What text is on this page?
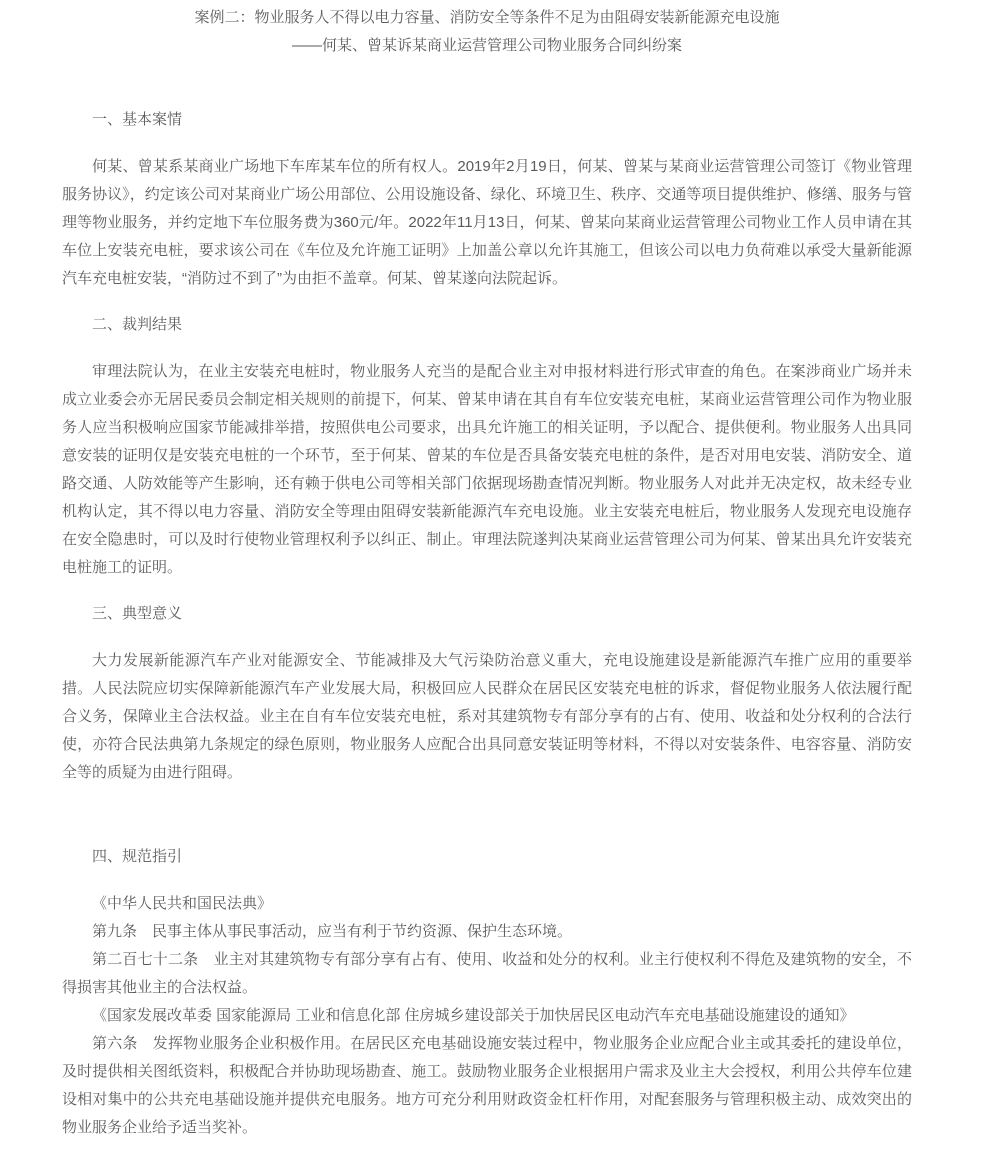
案例二：物业服务人不得以电力容量、消防安全等条件不足为由阻碍安装新能源充电设施
——何某、曾某诉某商业运营管理公司物业服务合同纠纷案
一、基本案情

何某、曾某系某商业广场地下车库某车位的所有权人。2019年2月19日，何某、曾某与某商业运营管理公司签订《物业管理服务协议》，约定该公司对某商业广场公用部位、公用设施设备、绿化、环境卫生、秩序、交通等项目提供维护、修缮、服务与管理等物业服务，并约定地下车位服务费为360元/年。2022年11月13日，何某、曾某向某商业运营管理公司物业工作人员申请在其车位上安装充电桩，要求该公司在《车位及允许施工证明》上加盖公章以允许其施工，但该公司以电力负荷难以承受大量新能源汽车充电桩安装，“消防过不到了”为由拒不盖章。何某、曾某遂向法院起诉。

二、裁判结果

审理法院认为，在业主安装充电桩时，物业服务人充当的是配合业主对申报材料进行形式审查的角色。在案涉商业广场并未成立业委会亦无居民委员会制定相关规则的前提下，何某、曾某申请在其自有车位安装充电桩，某商业运营管理公司作为物业服务人应当积极响应国家节能减排举措，按照供电公司要求，出具允许施工的相关证明，予以配合、提供便利。物业服务人出具同意安装的证明仅是安装充电桩的一个环节，至于何某、曾某的车位是否具备安装充电桩的条件，是否对用电安装、消防安全、道路交通、人防效能等产生影响，还有赖于供电公司等相关部门依据现场勘查情况判断。物业服务人对此并无决定权，故未经专业机构认定，其不得以电力容量、消防安全等理由阻碍安装新能源汽车充电设施。业主安装充电桩后，物业服务人发现充电设施存在安全隐患时，可以及时行使物业管理权利予以纠正、制止。审理法院遂判决某商业运营管理公司为何某、曾某出具允许安装充电桩施工的证明。

三、典型意义

大力发展新能源汽车产业对能源安全、节能减排及大气污染防治意义重大，充电设施建设是新能源汽车推广应用的重要举措。人民法院应切实保障新能源汽车产业发展大局，积极回应人民群众在居民区安装充电桩的诉求，督促物业服务人依法履行配合义务，保障业主合法权益。业主在自有车位安装充电桩，系对其建筑物专有部分享有的占有、使用、收益和处分权利的合法行使，亦符合民法典第九条规定的绿色原则，物业服务人应配合出具同意安装证明等材料，不得以对安装条件、电容容量、消防安全等的质疑为由进行阻碍。

四、规范指引

《中华人民共和国民法典》

第九条　民事主体从事民事活动，应当有利于节约资源、保护生态环境。

第二百七十二条　业主对其建筑物专有部分享有占有、使用、收益和处分的权利。业主行使权利不得危及建筑物的安全，不得损害其他业主的合法权益。

《国家发展改革委 国家能源局 工业和信息化部 住房城乡建设部关于加快居民区电动汽车充电基础设施建设的通知》

第六条　发挥物业服务企业积极作用。在居民区充电基础设施安装过程中，物业服务企业应配合业主或其委托的建设单位，及时提供相关图纸资料，积极配合并协助现场勘查、施工。鼓励物业服务企业根据用户需求及业主大会授权，利用公共停车位建设相对集中的公共充电基础设施并提供充电服务。地方可充分利用财政资金杠杆作用，对配套服务与管理积极主动、成效突出的物业服务企业给予适当奖补。
